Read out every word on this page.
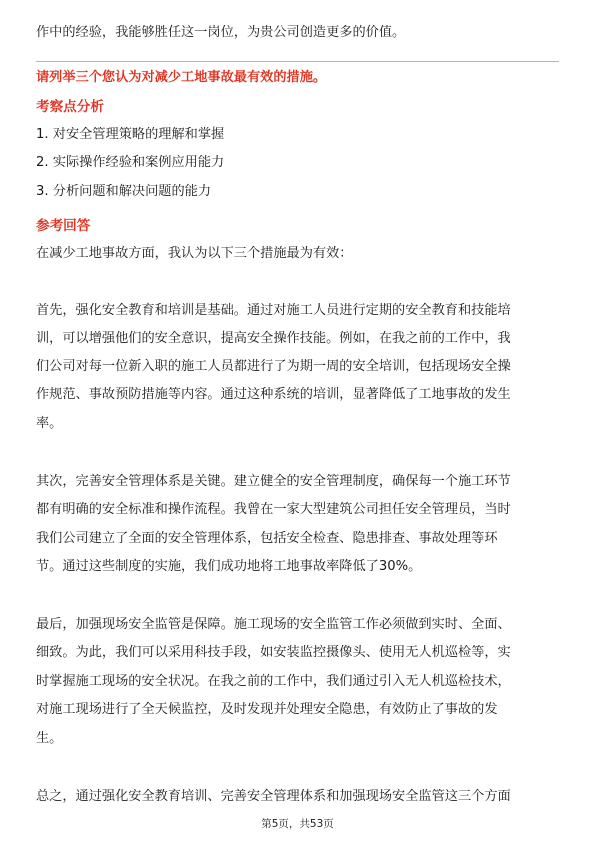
作中的经验，我能够胜任这一岗位，为贵公司创造更多的价值。
请列举三个您认为对减少工地事故最有效的措施。
考察点分析
1. 对安全管理策略的理解和掌握
2. 实际操作经验和案例应用能力
3. 分析问题和解决问题的能力
参考回答
在减少工地事故方面，我认为以下三个措施最为有效：
首先，强化安全教育和培训是基础。通过对施工人员进行定期的安全教育和技能培
训，可以增强他们的安全意识，提高安全操作技能。例如，在我之前的工作中，我
们公司对每一位新入职的施工人员都进行了为期一周的安全培训，包括现场安全操
作规范、事故预防措施等内容。通过这种系统的培训，显著降低了工地事故的发生
率。
其次，完善安全管理体系是关键。建立健全的安全管理制度，确保每一个施工环节
都有明确的安全标准和操作流程。我曾在一家大型建筑公司担任安全管理员，当时
我们公司建立了全面的安全管理体系，包括安全检查、隐患排查、事故处理等环
节。通过这些制度的实施，我们成功地将工地事故率降低了30%。
最后，加强现场安全监管是保障。施工现场的安全监管工作必须做到实时、全面、
细致。为此，我们可以采用科技手段，如安装监控摄像头、使用无人机巡检等，实
时掌握施工现场的安全状况。在我之前的工作中，我们通过引入无人机巡检技术，
对施工现场进行了全天候监控，及时发现并处理安全隐患，有效防止了事故的发
生。
总之，通过强化安全教育培训、完善安全管理体系和加强现场安全监管这三个方面
第5页，共53页
